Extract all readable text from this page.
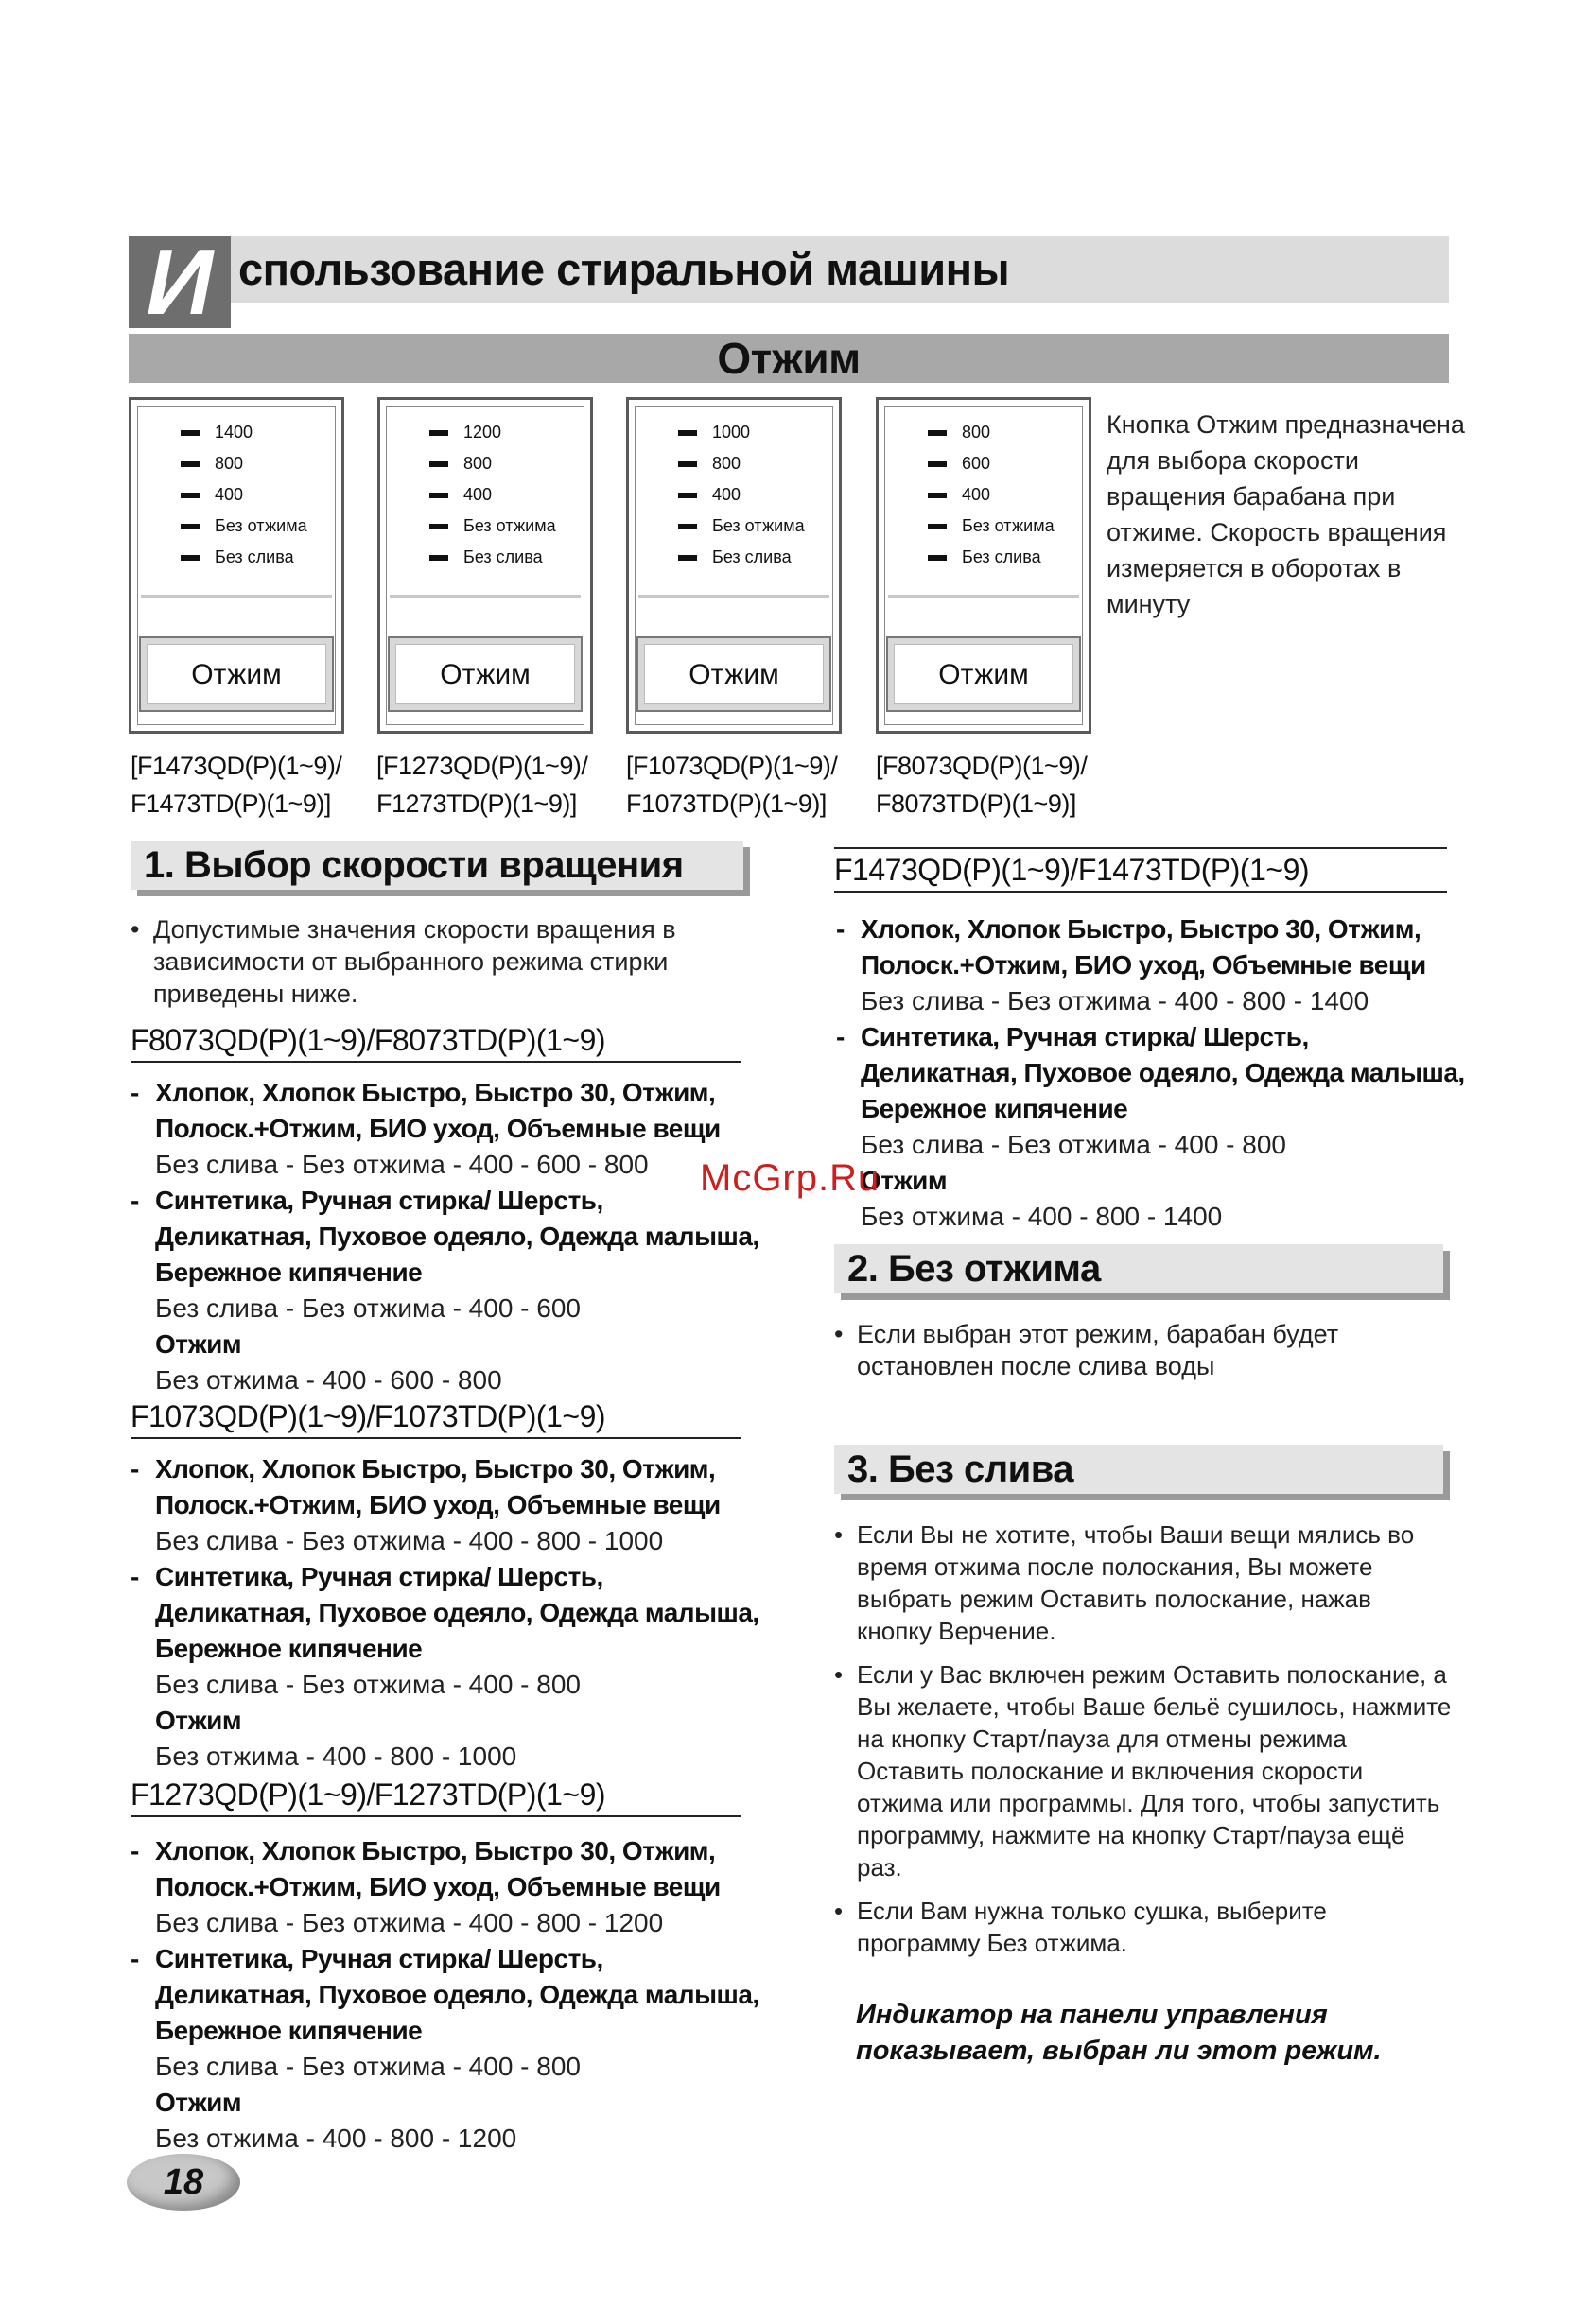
И спользование стиральной машины
Отжим
1400
800
400
Без отжима
Без слива
Отжим
1200
800
400
Без отжима
Без слива
Отжим
1000
800
400
Без отжима
Без слива
Отжим
800
600
400
Без отжима
Без слива
Отжим
[F1473QD(P)(1~9)/
F1473TD(P)(1~9)]
[F1273QD(P)(1~9)/
F1273TD(P)(1~9)]
[F1073QD(P)(1~9)/
F1073TD(P)(1~9)]
[F8073QD(P)(1~9)/
F8073TD(P)(1~9)]
Кнопка Отжим предназначена для выбора скорости вращения барабана при отжиме. Скорость вращения измеряется в оборотах в минуту
1. Выбор скорости вращения
• Допустимые значения скорости вращения в зависимости от выбранного режима стирки приведены ниже.
F8073QD(P)(1~9)/F8073TD(P)(1~9)
- Хлопок, Хлопок Быстро, Быстро 30, Отжим,
Полоск.+Отжим, БИО уход, Объемные вещи
Без слива - Без отжима - 400 - 600 - 800
- Синтетика, Ручная стирка/ Шерсть,
Деликатная, Пуховое одеяло, Одежда малыша,
Бережное кипячение
Без слива - Без отжима - 400 - 600
Отжим
Без отжима - 400 - 600 - 800
F1073QD(P)(1~9)/F1073TD(P)(1~9)
- Хлопок, Хлопок Быстро, Быстро 30, Отжим,
Полоск.+Отжим, БИО уход, Объемные вещи
Без слива - Без отжима - 400 - 800 - 1000
- Синтетика, Ручная стирка/ Шерсть,
Деликатная, Пуховое одеяло, Одежда малыша,
Бережное кипячение
Без слива - Без отжима - 400 - 800
Отжим
Без отжима - 400 - 800 - 1000
F1273QD(P)(1~9)/F1273TD(P)(1~9)
- Хлопок, Хлопок Быстро, Быстро 30, Отжим,
Полоск.+Отжим, БИО уход, Объемные вещи
Без слива - Без отжима - 400 - 800 - 1200
- Синтетика, Ручная стирка/ Шерсть,
Деликатная, Пуховое одеяло, Одежда малыша,
Бережное кипячение
Без слива - Без отжима - 400 - 800
Отжим
Без отжима - 400 - 800 - 1200
F1473QD(P)(1~9)/F1473TD(P)(1~9)
- Хлопок, Хлопок Быстро, Быстро 30, Отжим,
Полоск.+Отжим, БИО уход, Объемные вещи
Без слива - Без отжима - 400 - 800 - 1400
- Синтетика, Ручная стирка/ Шерсть,
Деликатная, Пуховое одеяло, Одежда малыша,
Бережное кипячение
Без слива - Без отжима - 400 - 800
Отжим
Без отжима - 400 - 800 - 1400
2. Без отжима
• Если выбран этот режим, барабан будет остановлен после слива воды
3. Без слива
• Если Вы не хотите, чтобы Ваши вещи мялись во время отжима после полоскания, Вы можете выбрать режим Оставить полоскание, нажав кнопку Верчение.
• Если у Вас включен режим Оставить полоскание, а Вы желаете, чтобы Ваше бельё сушилось, нажмите на кнопку Старт/пауза для отмены режима Оставить полоскание и включения скорости отжима или программы. Для того, чтобы запустить программу, нажмите на кнопку Старт/пауза ещё раз.
• Если Вам нужна только сушка, выберите программу Без отжима.
Индикатор на панели управления показывает, выбран ли этот режим.
18
McGrp.Ru
